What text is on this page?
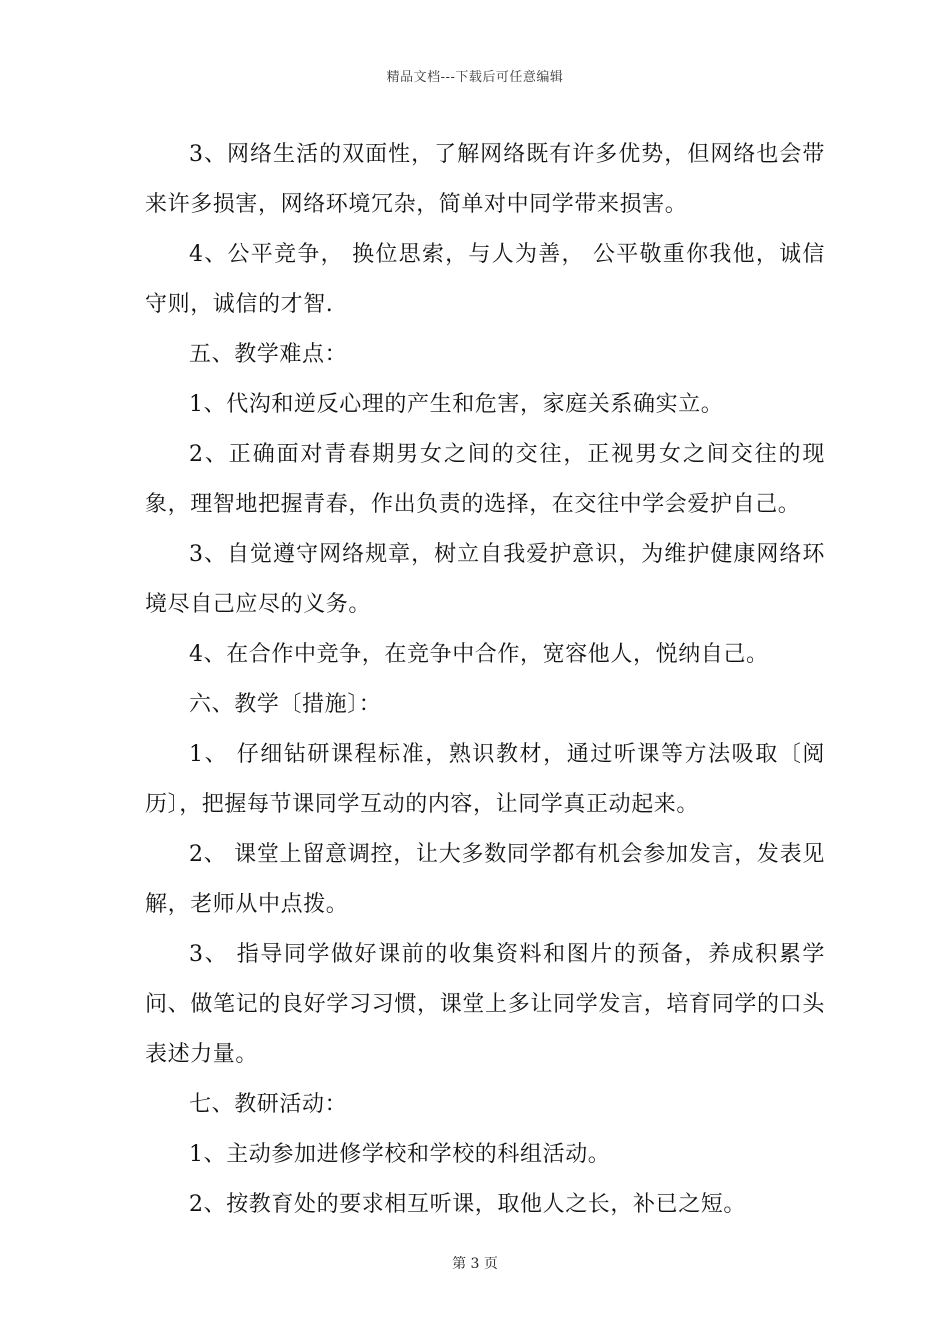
精品文档---下载后可任意编辑

3、网络生活的双面性，了解网络既有许多优势，但网络也会带来许多损害，网络环境冗杂，简单对中同学带来损害。

4、公平竞争， 换位思索，与人为善， 公平敬重你我他，诚信守则，诚信的才智.

五、教学难点：

1、代沟和逆反心理的产生和危害，家庭关系确实立。

2、正确面对青春期男女之间的交往，正视男女之间交往的现象，理智地把握青春，作出负责的选择，在交往中学会爱护自己。

3、自觉遵守网络规章，树立自我爱护意识，为维护健康网络环境尽自己应尽的义务。

4、在合作中竞争，在竞争中合作，宽容他人，悦纳自己。

六、教学〔措施〕：

1、 仔细钻研课程标准，熟识教材，通过听课等方法吸取〔阅历〕，把握每节课同学互动的内容，让同学真正动起来。

2、 课堂上留意调控，让大多数同学都有机会参加发言，发表见解，老师从中点拨。

3、 指导同学做好课前的收集资料和图片的预备，养成积累学问、做笔记的良好学习习惯，课堂上多让同学发言，培育同学的口头表述力量。

七、教研活动：

1、主动参加进修学校和学校的科组活动。

2、按教育处的要求相互听课，取他人之长，补已之短。

第 3 页
